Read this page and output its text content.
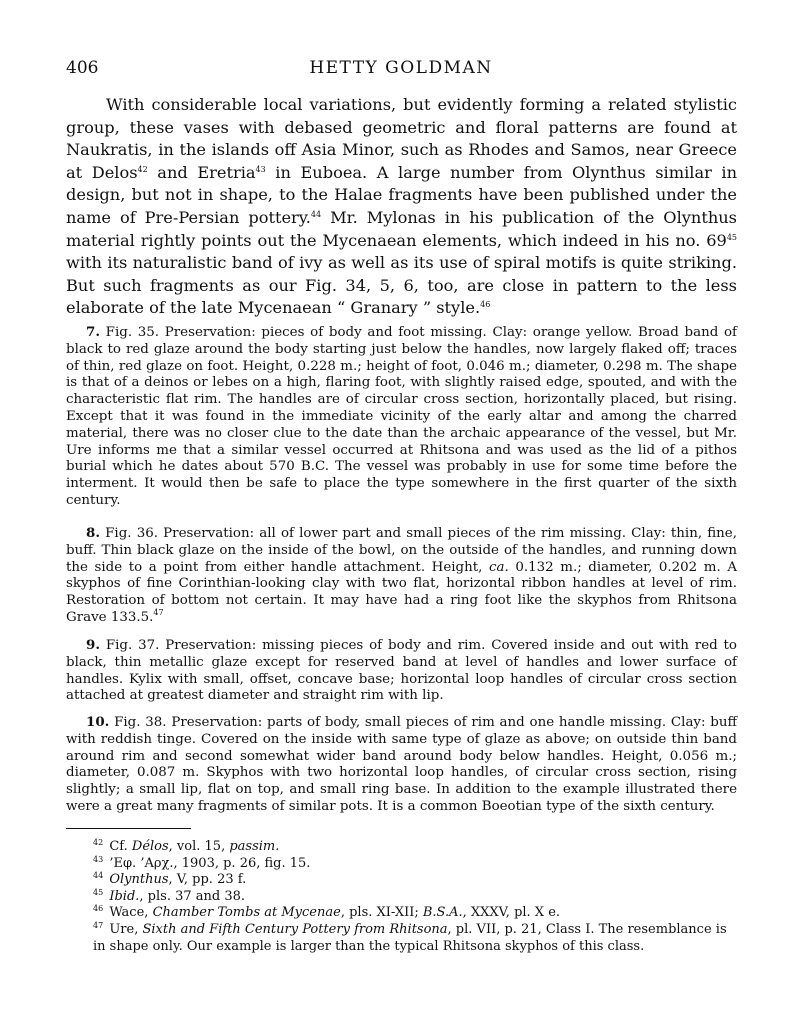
406	HETTY GOLDMAN

With considerable local variations, but evidently forming a related stylistic group, these vases with debased geometric and floral patterns are found at Naukratis, in the islands off Asia Minor, such as Rhodes and Samos, near Greece at Delos$^{42}$ and Eretria$^{43}$ in Euboea. A large number from Olynthus similar in design, but not in shape, to the Halae fragments have been published under the name of Pre-Persian pottery.$^{44}$ Mr. Mylonas in his publication of the Olynthus material rightly points out the Mycenaean elements, which indeed in his no. $69^{45}$ with its naturalistic band of ivy as well as its use of spiral motifs is quite striking. But such fragments as our Fig. 34, 5, 6, too, are close in pattern to the less elaborate of the late Mycenaean “ Granary ” style.$^{46}$

7. Fig. 35. Preservation: pieces of body and foot missing. Clay: orange yellow. Broad band of black to red glaze around the body starting just below the handles, now largely flaked off; traces of thin, red glaze on foot. Height, 0.228 m.; height of foot, 0.046 m.; diameter, 0.298 m. The shape is that of a deinos or lebes on a high, flaring foot, with slightly raised edge, spouted, and with the characteristic flat rim. The handles are of circular cross section, horizontally placed, but rising. Except that it was found in the immediate vicinity of the early altar and among the charred material, there was no closer clue to the date than the archaic appearance of the vessel, but Mr. Ure informs me that a similar vessel occurred at Rhitsona and was used as the lid of a pithos burial which he dates about 570 B.C. The vessel was probably in use for some time before the interment. It would then be safe to place the type somewhere in the first quarter of the sixth century.

8. Fig. 36. Preservation: all of lower part and small pieces of the rim missing. Clay: thin, fine, buff. Thin black glaze on the inside of the bowl, on the outside of the handles, and running down the side to a point from either handle attachment. Height, ca. 0.132 m.; diameter, 0.202 m. A skyphos of fine Corinthian-looking clay with two flat, horizontal ribbon handles at level of rim. Restoration of bottom not certain. It may have had a ring foot like the skyphos from Rhitsona Grave 133.5.47

9. Fig. 37. Preservation: missing pieces of body and rim. Covered inside and out with red to black, thin metallic glaze except for reserved band at level of handles and lower surface of handles. Kylix with small, offset, concave base; horizontal loop handles of circular cross section attached at greatest diameter and straight rim with lip.

10. Fig. 38. Preservation: parts of body, small pieces of rim and one handle missing. Clay: buff with reddish tinge. Covered on the inside with same type of glaze as above; on outside thin band around rim and second somewhat wider band around body below handles. Height, 0.056 m.; diameter, 0.087 m. Skyphos with two horizontal loop handles, of circular cross section, rising slightly; a small lip, flat on top, and small ring base. In addition to the example illustrated there were a great many fragments of similar pots. It is a common Boeotian type of the sixth century.

$^{42}$ Cf. Délos, vol. 15, passim.

$^{43}$ ’Εφ. ’Αρχ., 1903, p. 26, fig. 15.

$^{44}$ Olynthus, V, pp. 23 f.

$^{45}$ Ibid., pls. 37 and 38.

$^{46}$ Wace, Chamber Tombs at Mycenae, pls. XI-XII; B.S.A., XXXV, pl. X e.

$^{47}$ Ure, Sixth and Fifth Century Pottery from Rhitsona, pl. VII, p. 21, Class I. The resemblance is in shape only. Our example is larger than the typical Rhitsona skyphos of this class.
